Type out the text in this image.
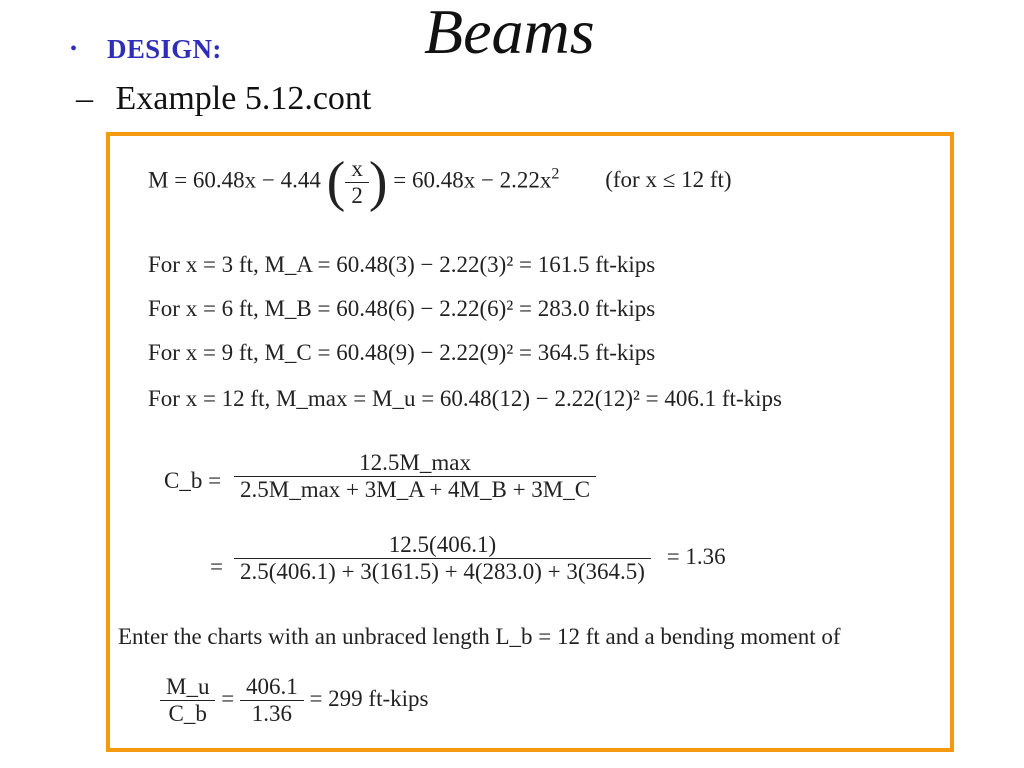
• DESIGN:	Beams
– Example 5.12.cont
M = 60.48x − 4.44 ( $\frac{x}{2}$ ) = $60.48x - 2.22x^2$ (for x ≤ 12 ft)
For x = 3 ft, M_A = 60.48(3) − 2.22(3)² = 161.5 ft-kips
For x = 6 ft, M_B = 60.48(6) − 2.22(6)² = 283.0 ft-kips
For x = 9 ft, M_C = 60.48(9) − 2.22(9)² = 364.5 ft-kips
For x = 12 ft, M_max = M_u = 60.48(12) − 2.22(12)² = 406.1 ft-kips
C_b = $\frac{12.5M\_\max}{2.5M\_\max + 3M\_A + 4M\_B + 3M\_C}$
= $\frac{12.5(406.1)}{2.5(406.1) + 3(161.5) + 4(283.0) + 3(364.5)} = 1.36$
Enter the charts with an unbraced length L_b = 12 ft and a bending moment of
$\frac{M\_u}{C\_b} = \frac{406.1}{1.36} = 299$ ft-kips
